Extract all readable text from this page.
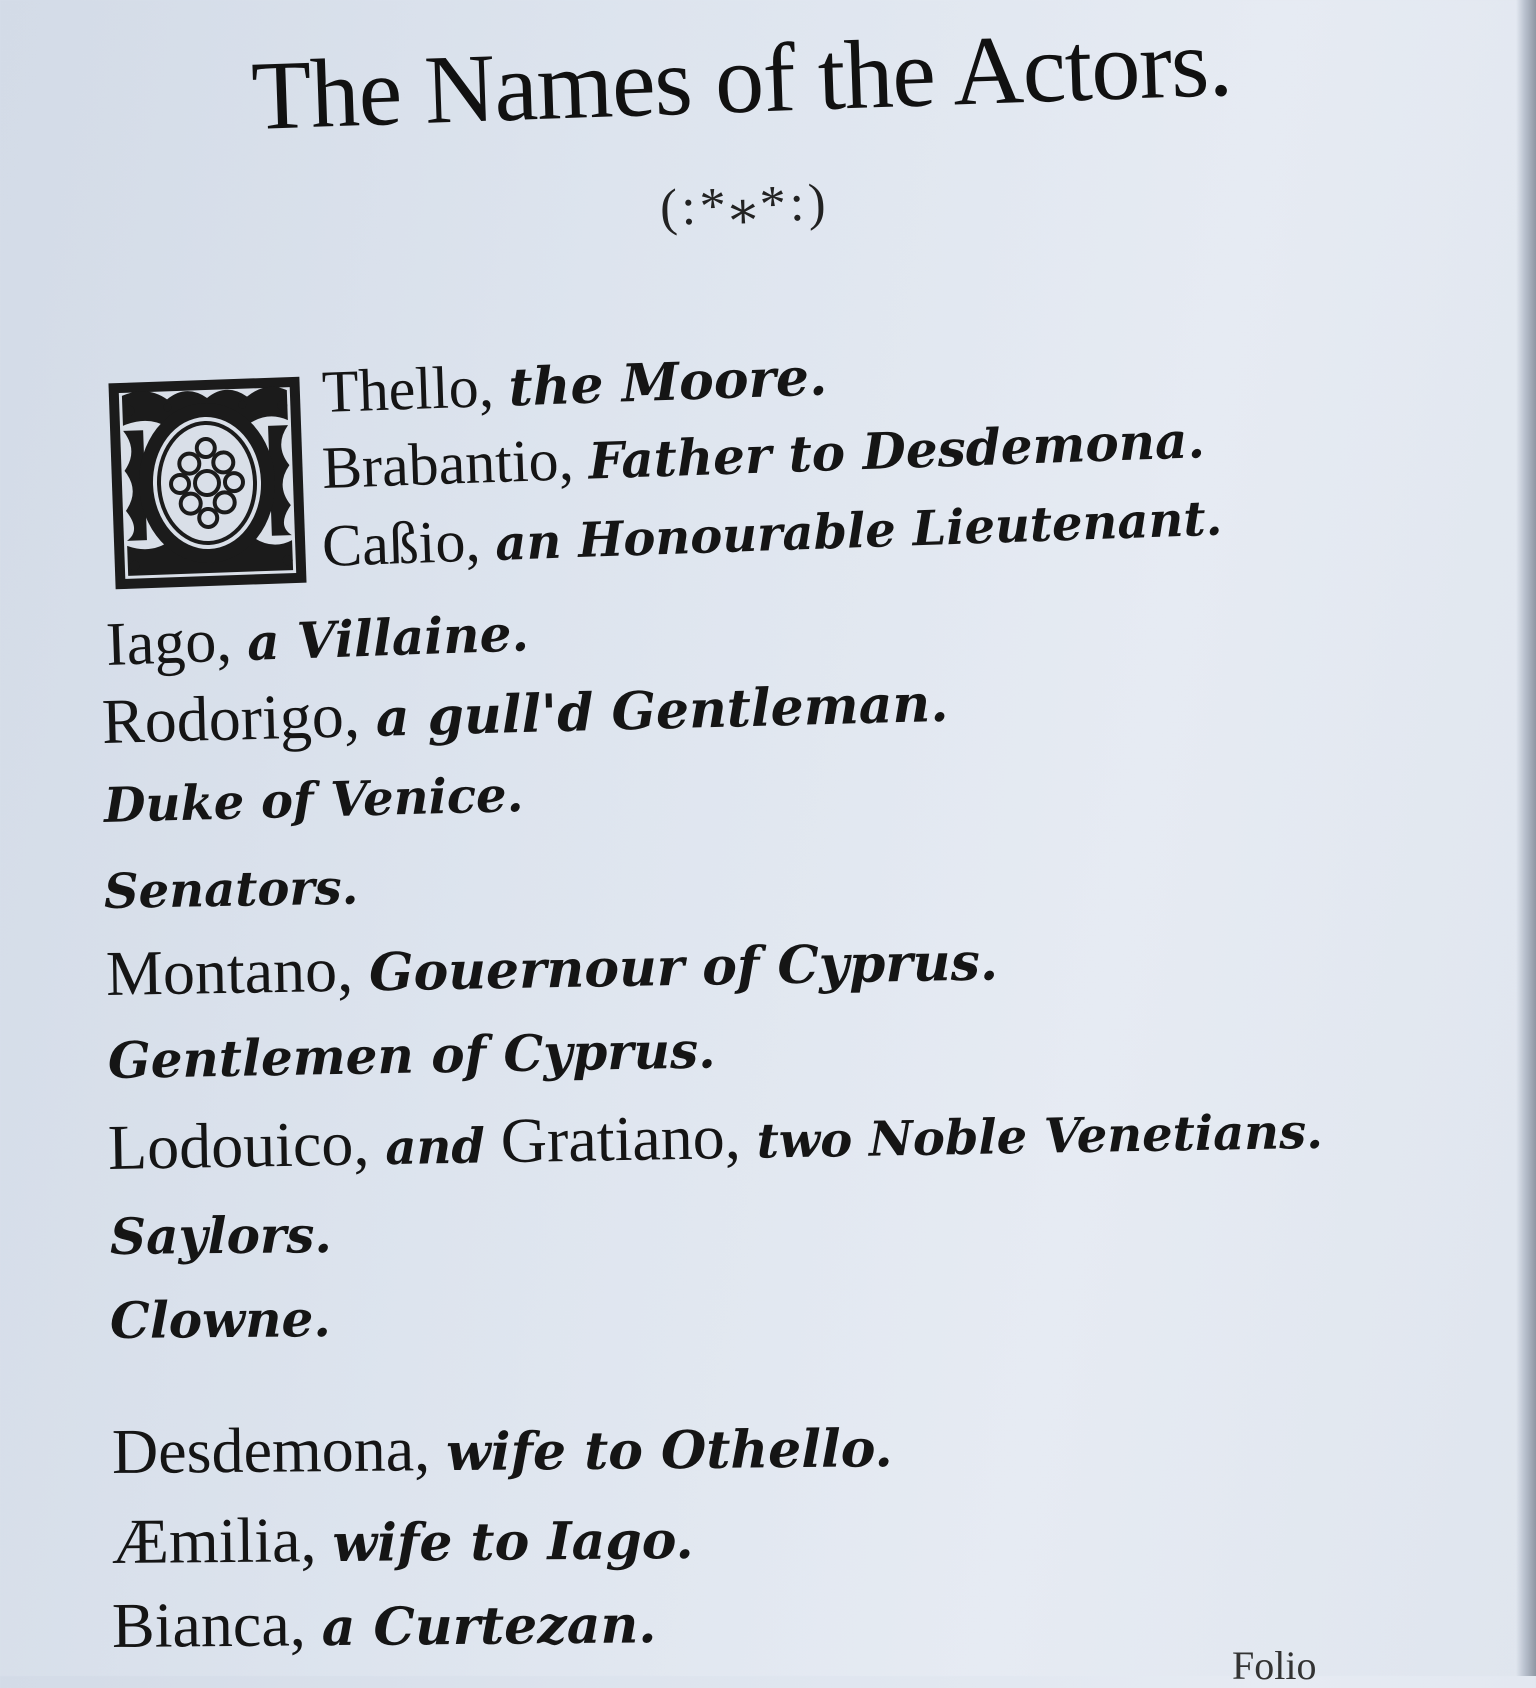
The Names of the Actors.
(:*⁎*:)
Thello, the Moore.
Brabantio, Father to Desdemona.
Caßio, an Honourable Lieutenant.
Iago, a Villaine.
Rodorigo, a gull'd Gentleman.
Duke of Venice.
Senators.
Montano, Gouernour of Cyprus.
Gentlemen of Cyprus.
Lodouico, and Gratiano, two Noble Venetians.
Saylors.
Clowne.
Desdemona, wife to Othello.
Æmilia, wife to Iago.
Bianca, a Curtezan.
Folio
